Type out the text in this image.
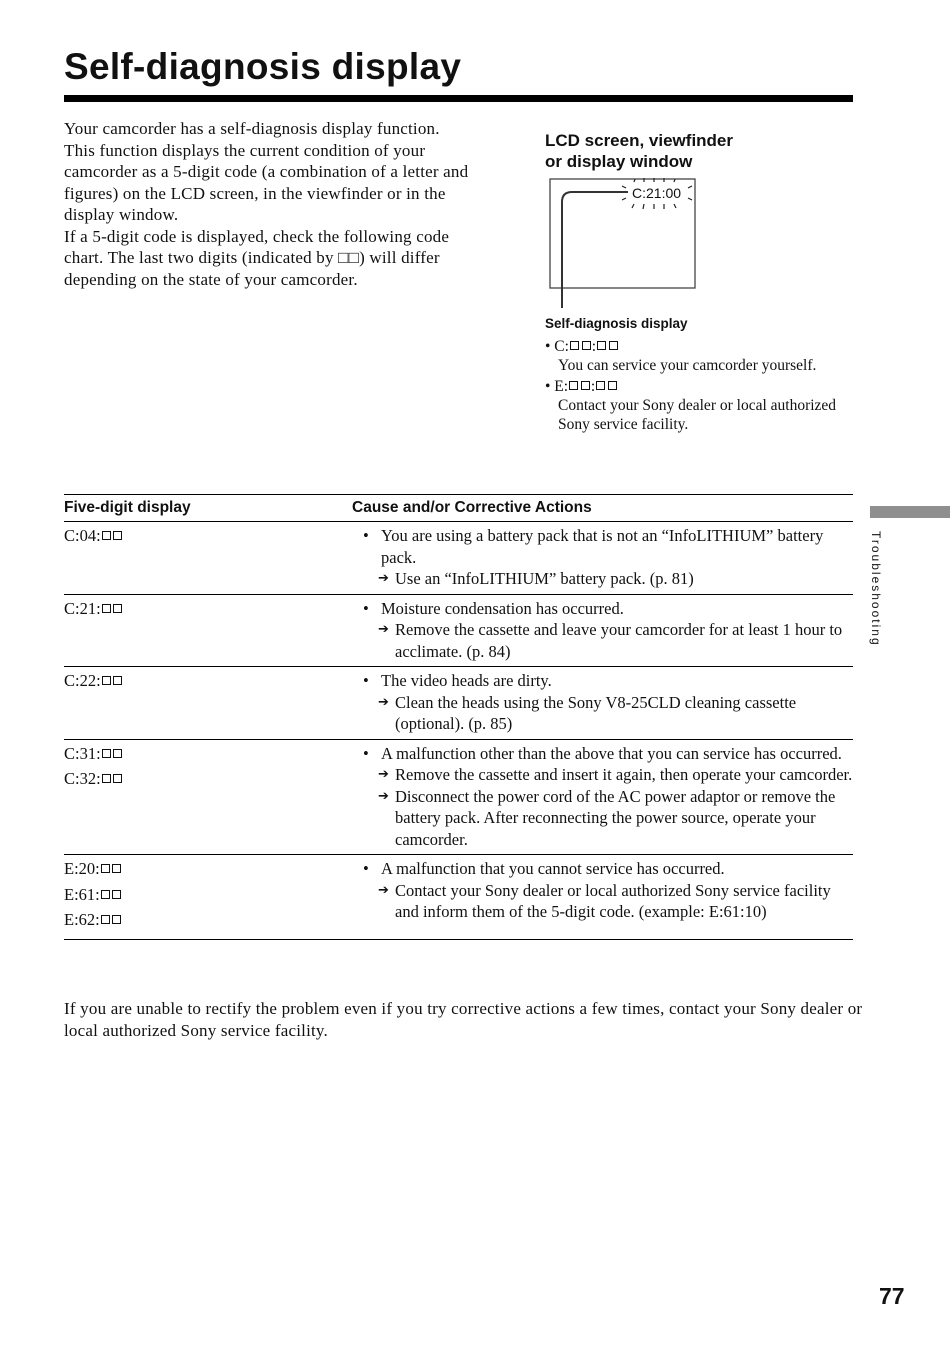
Self-diagnosis display

Your camcorder has a self-diagnosis display function.

This function displays the current condition of your camcorder as a 5-digit code (a combination of a letter and figures) on the LCD screen, in the viewfinder or in the display window.

If a 5-digit code is displayed, check the following code chart. The last two digits (indicated by □□) will differ depending on the state of your camcorder.

LCD screen, viewfinder
or display window
C:21:00
Self-diagnosis display
• C: :
You can service your camcorder yourself.
• E: :
Contact your Sony dealer or local authorized Sony service facility.
Five-digit display	Cause and/or Corrective Actions
C:04:	• You are using a battery pack that is not an “InfoLITHIUM” battery pack.
➔ Use an “InfoLITHIUM” battery pack. (p. 81)
C:21:	• Moisture condensation has occurred.
➔ Remove the cassette and leave your camcorder for at least 1 hour to acclimate. (p. 84)
C:22:	• The video heads are dirty.
➔ Clean the heads using the Sony V8-25CLD cleaning cassette (optional). (p. 85)
C:31:
C:32:
• A malfunction other than the above that you can service has occurred.
➔ Remove the cassette and insert it again, then operate your camcorder.
➔ Disconnect the power cord of the AC power adaptor or remove the battery pack. After reconnecting the power source, operate your camcorder.
E:20:
E:61:
E:62:
• A malfunction that you cannot service has occurred.
➔ Contact your Sony dealer or local authorized Sony service facility and inform them of the 5-digit code. (example: E:61:10)
If you are unable to rectify the problem even if you try corrective actions a few times, contact your Sony dealer or local authorized Sony service facility.
Troubleshooting
77
